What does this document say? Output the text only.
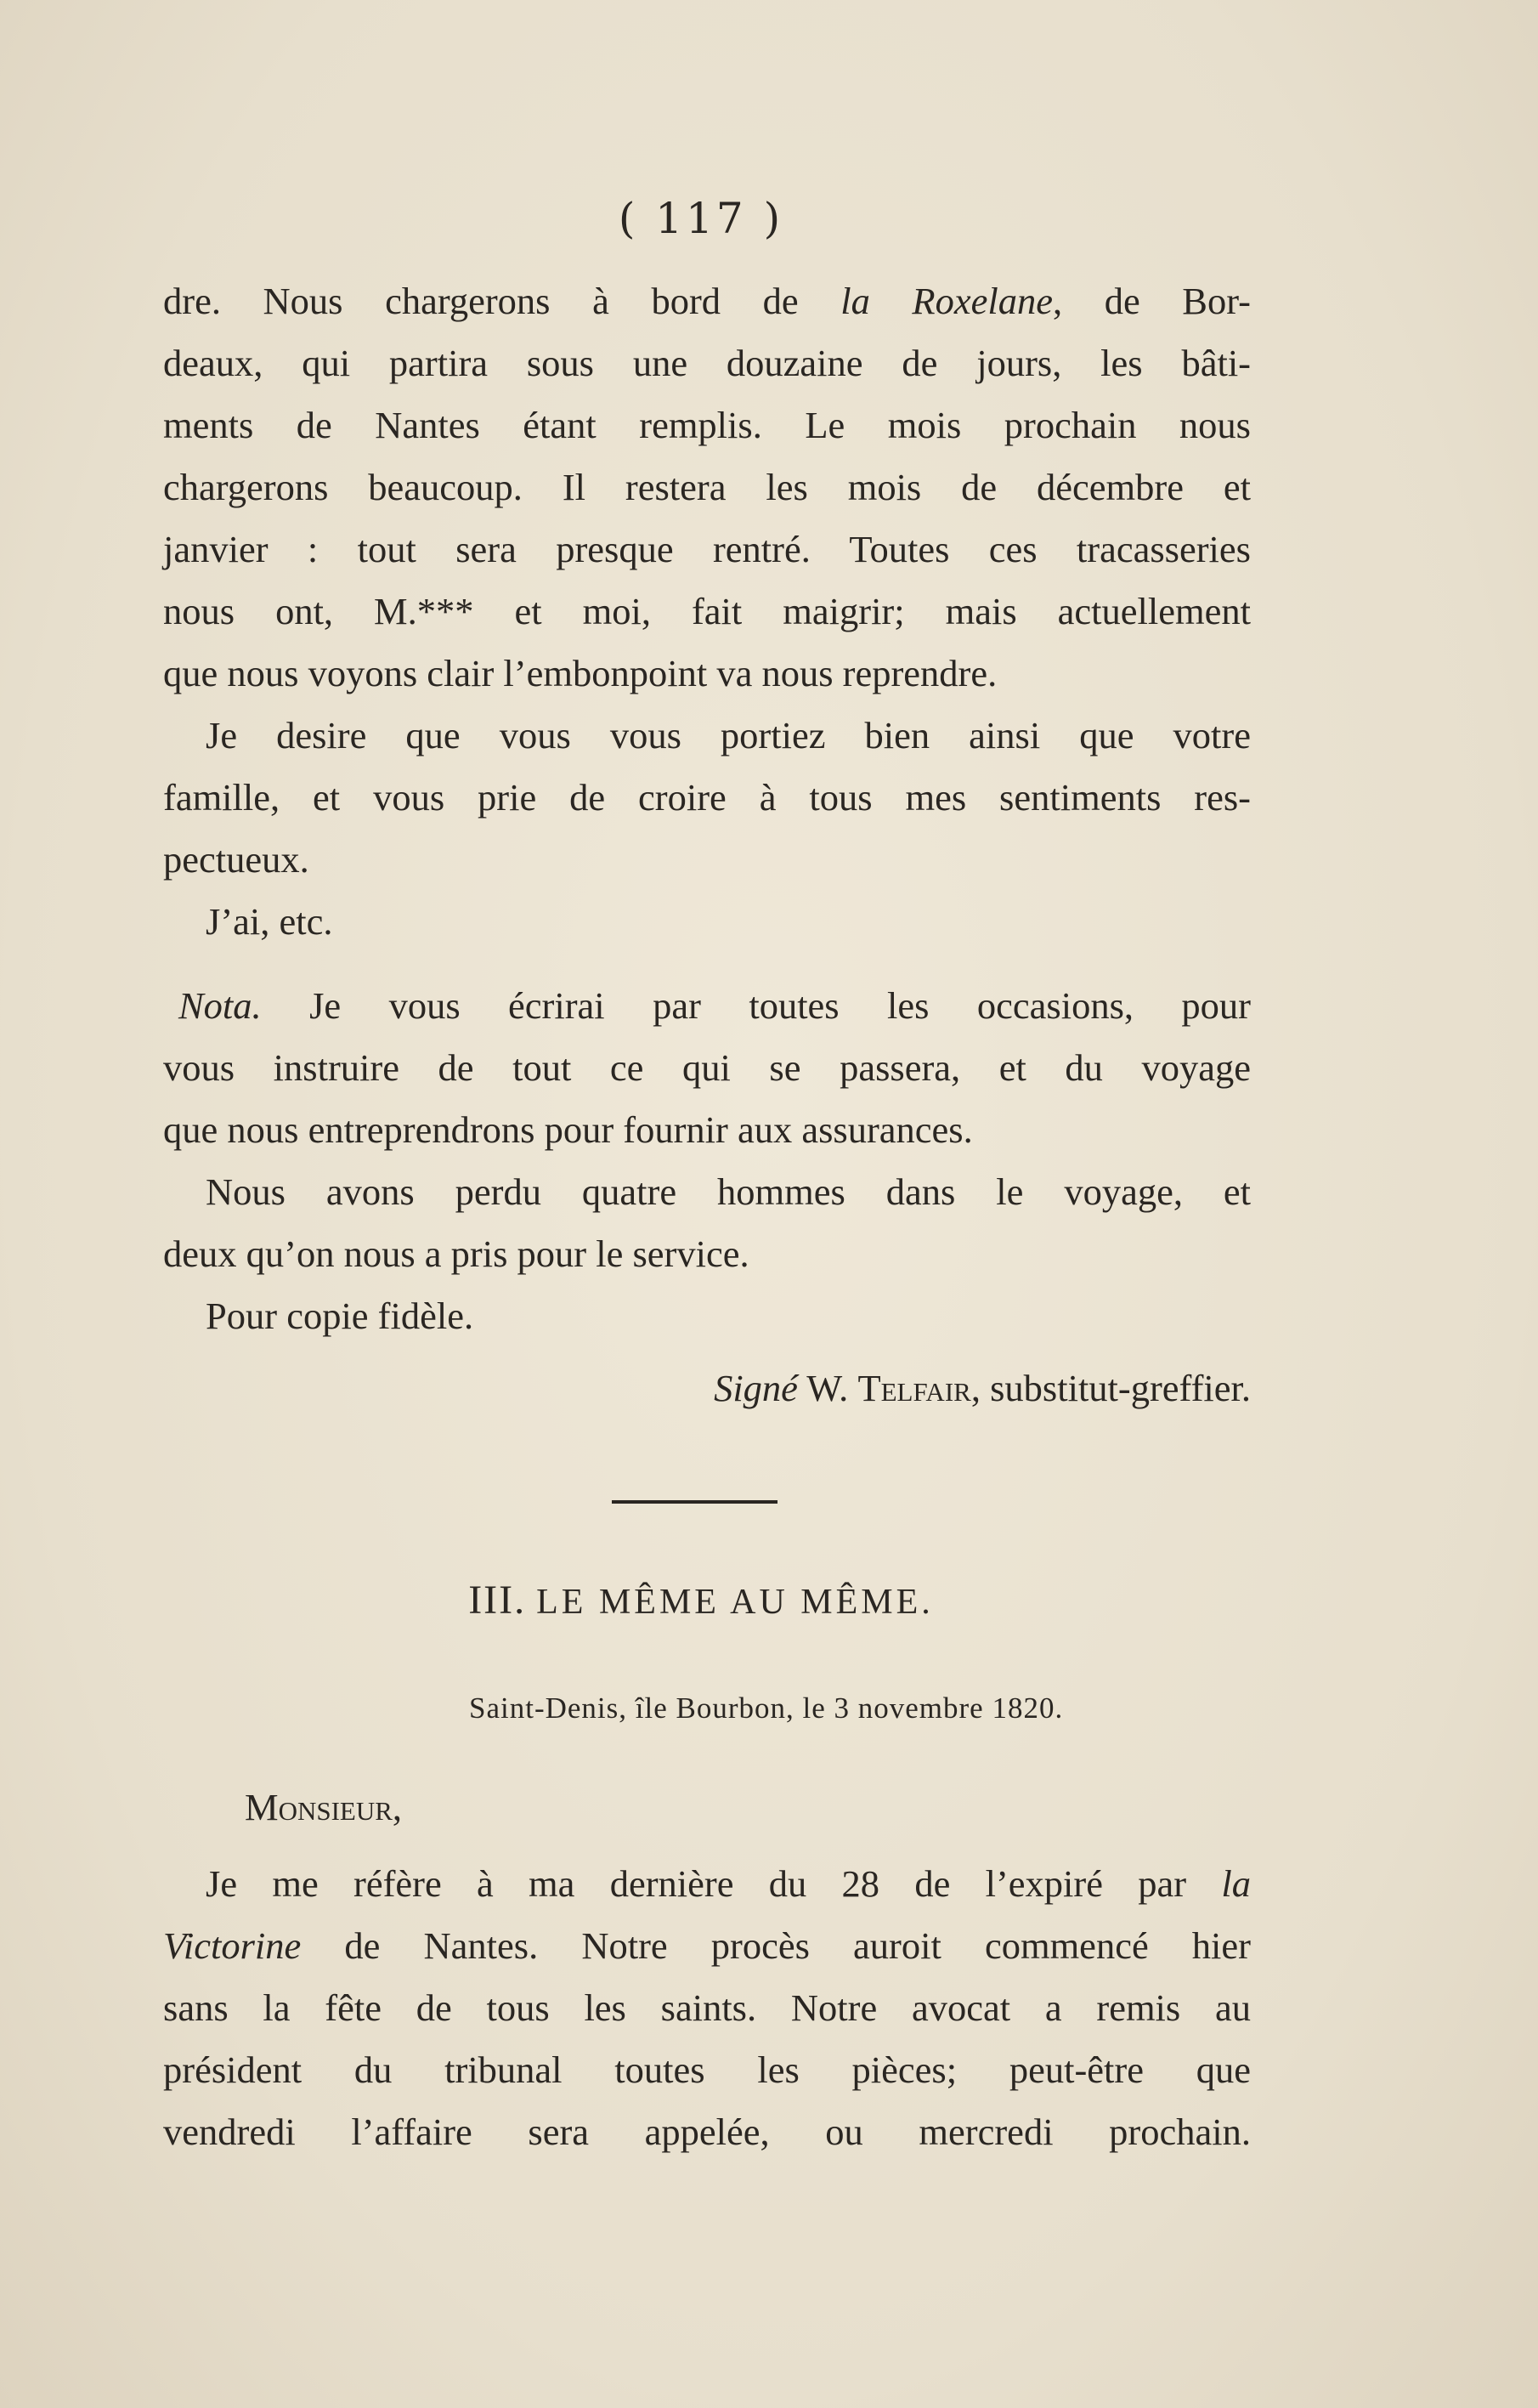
( 117 )

dre. Nous chargerons à bord de la Roxelane, de Bor-

deaux, qui partira sous une douzaine de jours, les bâti-

ments de Nantes étant remplis. Le mois prochain nous

chargerons beaucoup. Il restera les mois de décembre et

janvier : tout sera presque rentré. Toutes ces tracasseries

nous ont, M.*** et moi, fait maigrir; mais actuellement

que nous voyons clair l’embonpoint va nous reprendre.

Je desire que vous vous portiez bien ainsi que votre

famille, et vous prie de croire à tous mes sentiments res-

pectueux.

J’ai, etc.

Nota. Je vous écrirai par toutes les occasions, pour

vous instruire de tout ce qui se passera, et du voyage

que nous entreprendrons pour fournir aux assurances.

Nous avons perdu quatre hommes dans le voyage, et

deux qu’on nous a pris pour le service.

Pour copie fidèle.

Signé W. Telfair, substitut-greffier.

III. LE MÊME AU MÊME.
Saint-Denis, île Bourbon, le 3 novembre 1820.
Monsieur,

Je me réfère à ma dernière du 28 de l’expiré par la

Victorine de Nantes. Notre procès auroit commencé hier

sans la fête de tous les saints. Notre avocat a remis au

président du tribunal toutes les pièces; peut-être que

vendredi l’affaire sera appelée, ou mercredi prochain.
